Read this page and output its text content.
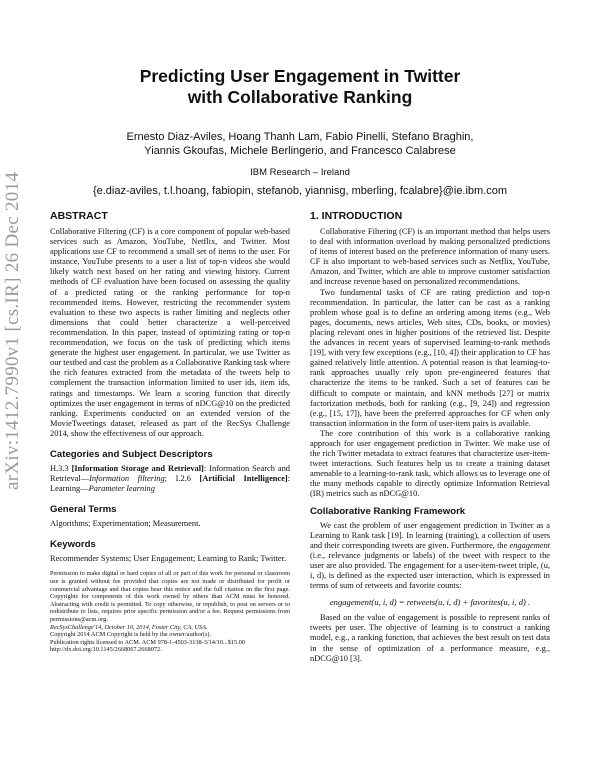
arXiv:1412.7990v1 [cs.IR] 26 Dec 2014
Predicting User Engagement in Twitter
with Collaborative Ranking
Ernesto Diaz-Aviles, Hoang Thanh Lam, Fabio Pinelli, Stefano Braghin,
Yiannis Gkoufas, Michele Berlingerio, and Francesco Calabrese
IBM Research – Ireland
{e.diaz-aviles, t.l.hoang, fabiopin, stefanob, yiannisg, mberling, fcalabre}@ie.ibm.com
ABSTRACT

Collaborative Filtering (CF) is a core component of popular web-based services such as Amazon, YouTube, Netflix, and Twitter. Most applications use CF to recommend a small set of items to the user. For instance, YouTube presents to a user a list of top-n videos she would likely watch next based on her rating and viewing history. Current methods of CF evaluation have been focused on assessing the quality of a predicted rating or the ranking performance for top-n recommended items. However, restricting the recommender system evaluation to these two aspects is rather limiting and neglects other dimensions that could better characterize a well-perceived recommendation. In this paper, instead of optimizing rating or top-n recommendation, we focus on the task of predicting which items generate the highest user engagement. In particular, we use Twitter as our testbed and cast the problem as a Collaborative Ranking task where the rich features extracted from the metadata of the tweets help to complement the transaction information limited to user ids, item ids, ratings and timestamps. We learn a scoring function that directly optimizes the user engagement in terms of nDCG@10 on the predicted ranking. Experiments conducted on an extended version of the MovieTweetings dataset, released as part of the RecSys Challenge 2014, show the effectiveness of our approach.

Categories and Subject Descriptors

H.3.3 [Information Storage and Retrieval]: Information Search and Retrieval—Information filtering; I.2.6 [Artificial Intelligence]: Learning—Parameter learning

General Terms

Algorithms; Experimentation; Measurement.

Keywords

Recommender Systems; User Engagement; Learning to Rank; Twitter.

Permission to make digital or hard copies of all or part of this work for personal or classroom use is granted without fee provided that copies are not made or distributed for profit or commercial advantage and that copies bear this notice and the full citation on the first page. Copyrights for components of this work owned by others than ACM must be honored. Abstracting with credit is permitted. To copy otherwise, or republish, to post on servers or to redistribute to lists, requires prior specific permission and/or a fee. Request permissions from permissions@acm.org.

RecSysChallenge'14, October 10, 2014, Foster City, CA, USA.

Copyright 2014 ACM Copyright is held by the owner/author(s).

Publication rights licensed to ACM. ACM 978-1-4503-3138-3/14/10...$15.00

http://dx.doi.org/10.1145/2668067.2668072.

1. INTRODUCTION

Collaborative Filtering (CF) is an important method that helps users to deal with information overload by making personalized predictions of items of interest based on the preference information of many users. CF is also important to web-based services such as Netflix, YouTube, Amazon, and Twitter, which are able to improve customer satisfaction and increase revenue based on personalized recommendations.

Two fundamental tasks of CF are rating prediction and top-n recommendation. In particular, the latter can be cast as a ranking problem whose goal is to define an ordering among items (e.g., Web pages, documents, news articles, Web sites, CDs, books, or movies) placing relevant ones in higher positions of the retrieved list. Despite the advances in recent years of supervised learning-to-rank methods [19], with very few exceptions (e.g., [10, 4]) their application to CF has gained relatively little attention. A potential reason is that learning-to-rank approaches usually rely upon pre-engineered features that characterize the items to be ranked. Such a set of features can be difficult to compute or maintain, and kNN methods [27] or matrix factorization methods, both for ranking (e.g., [9, 24]) and regression (e.g., [15, 17]), have been the preferred approaches for CF when only transaction information in the form of user-item pairs is available.

The core contribution of this work is a collaborative ranking approach for user engagement prediction in Twitter. We make use of the rich Twitter metadata to extract features that characterize user-item-tweet interactions. Such features help us to create a training dataset amenable to a learning-to-rank task, which allows us to leverage one of the many methods capable to directly optimize Information Retrieval (IR) metrics such as nDCG@10.

Collaborative Ranking Framework

We cast the problem of user engagement prediction in Twitter as a Learning to Rank task [19]. In learning (training), a collection of users and their corresponding tweets are given. Furthermore, the engagement (i.e., relevance judgments or labels) of the tweet with respect to the user are also provided. The engagement for a user-item-tweet triple, (u, i, d), is defined as the expected user interaction, which is expressed in terms of sum of retweets and favorite counts:

engagement(u, i, d) = retweets(u, i, d) + favorites(u, i, d) .

Based on the value of engagement is possible to represent ranks of tweets per user. The objective of learning is to construct a ranking model, e.g., a ranking function, that achieves the best result on test data in the sense of optimization of a performance measure, e.g., nDCG@10 [3].
